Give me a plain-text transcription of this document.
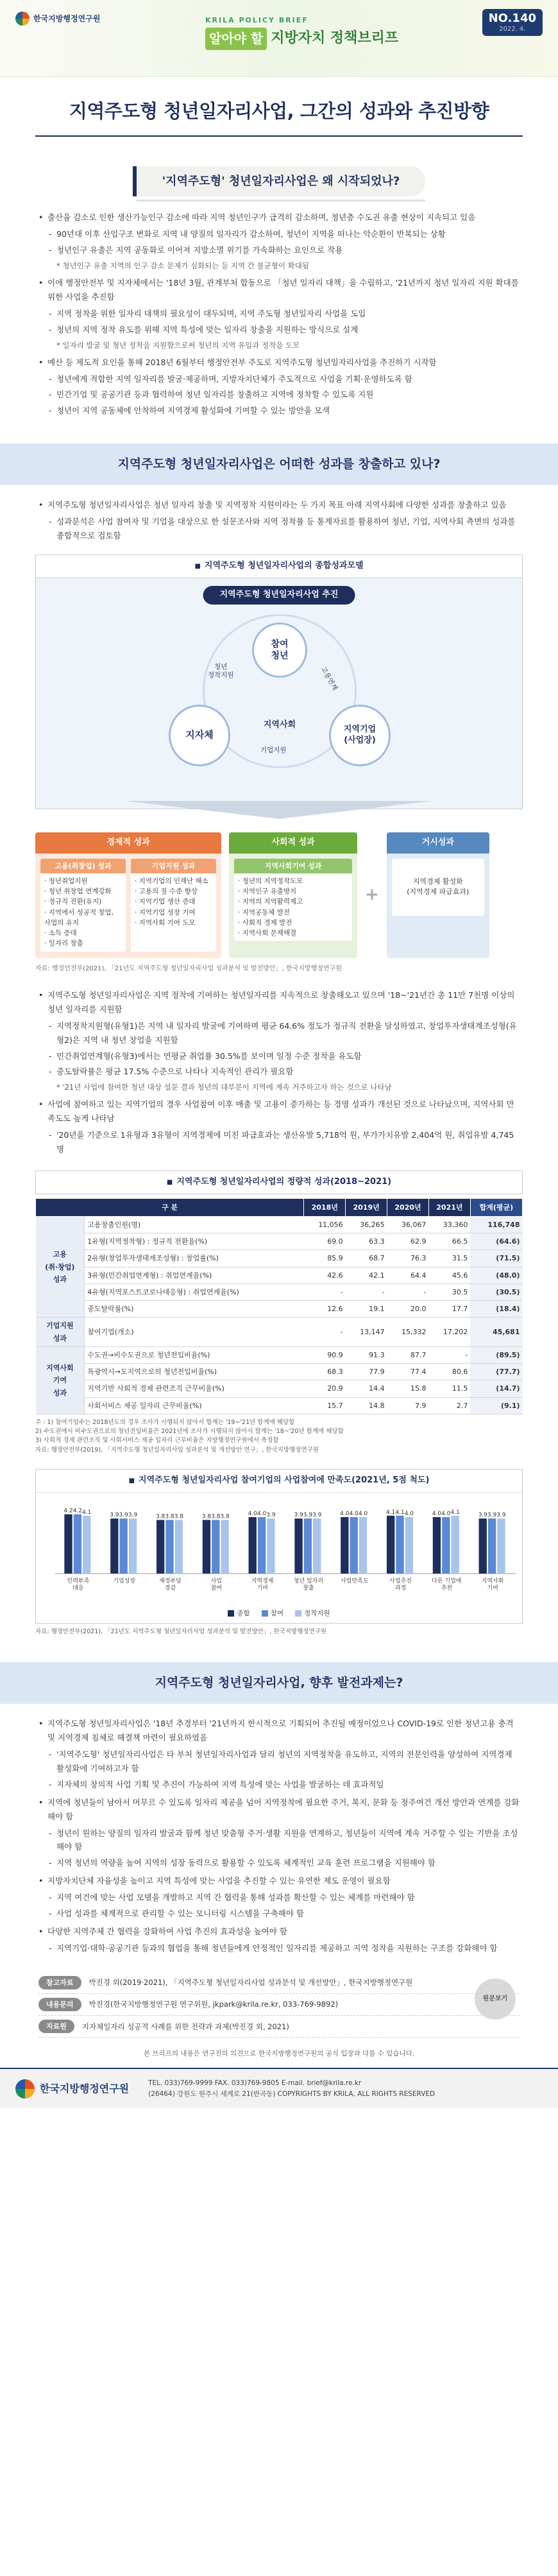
한국지방행정연구원	KRILA POLICY BRIEF
알아야 할 지방자치 정책브리프
NO.140
2022. 4.
지역주도형 청년일자리사업, 그간의 성과와 추진방향
'지역주도형' 청년일자리사업은 왜 시작되었나?
• 출산율 감소로 인한 생산가능인구 감소에 따라 지역 청년인구가 급격히 감소하며, 청년층 수도권 유출 현상이 지속되고 있음
- 90년대 이후 산업구조 변화로 지역 내 양질의 일자리가 감소하여, 청년이 지역을 떠나는 악순환이 반복되는 상황
- 청년인구 유출은 지역 공동화로 이어져 지방소멸 위기를 가속화하는 요인으로 작용
* 청년인구 유출 지역의 인구 감소 문제가 심화되는 등 지역 간 불균형이 확대됨
• 이에 행정안전부 및 지자체에서는 '18년 3월, 관계부처 합동으로 「청년 일자리 대책」을 수립하고, '21년까지 청년 일자리 지원 확대를 위한 사업을 추진함
- 지역 정착을 위한 일자리 대책의 필요성이 대두되며, 지역 주도형 청년일자리 사업을 도입
- 청년의 지역 정착 유도를 위해 지역 특성에 맞는 일자리 창출을 지원하는 방식으로 설계
* 일자리 발굴 및 청년 정착을 지원함으로써 청년의 지역 유입과 정착을 도모
• 예산 등 제도적 요인을 통해 2018년 6월부터 행정안전부 주도로 지역주도형 청년일자리사업을 추진하기 시작함
- 청년에게 적합한 지역 일자리를 발굴·제공하며, 지방자치단체가 주도적으로 사업을 기획·운영하도록 함
- 민간기업 및 공공기관 등과 협력하여 청년 일자리를 창출하고 지역에 정착할 수 있도록 지원
- 청년이 지역 공동체에 안착하여 지역경제 활성화에 기여할 수 있는 방안을 모색
지역주도형 청년일자리사업은 어떠한 성과를 창출하고 있나?
• 지역주도형 청년일자리사업은 청년 일자리 창출 및 지역정착 지원이라는 두 가지 목표 아래 지역사회에 다양한 성과를 창출하고 있음
- 성과분석은 사업 참여자 및 기업을 대상으로 한 설문조사와 지역 정착률 등 통계자료를 활용하여 청년, 기업, 지역사회 측면의 성과를 종합적으로 검토함
■ 지역주도형 청년일자리사업의 종합성과모델
지역주도형 청년일자리사업 추진
참여
청년
지자체	지역기업
(사업장)
지역사회
청년
정착지원	고용연계
기업지원
경제적 성과
고용(취창업) 성과
· 청년취업지원
· 청년 취창업 연계강화
· 정규직 전환(유지)
· 지역에서 성공적 창업, 사업의 유지
· 소득 증대
· 일자리 창출
기업지원 성과
· 지역기업의 인재난 해소
· 고용의 질 수준 향상
· 지역기업 생산 증대
· 지역기업 성장 기여
· 지역사회 기여 도모
사회적 성과
지역사회기여 성과
· 청년의 지역정착도모
· 지역인구 유출방지
· 지역의 지역활력제고
· 지역공동체 발전
· 사회적 경제 발전
· 지역사회 문제해결
+
거시성과
지역경제 활성화
(지역경제 파급효과)
자료: 행정안전부(2021), 「21년도 지역주도형 청년일자리사업 성과분석 및 발전방안」, 한국지방행정연구원
• 지역주도형 청년일자리사업은 지역 정착에 기여하는 청년일자리를 지속적으로 창출해오고 있으며 '18~'21년간 총 11만 7천명 이상의 청년 일자리를 지원함
- 지역정착지원형(유형1)은 지역 내 일자리 발굴에 기여하며 평균 64.6% 정도가 정규직 전환을 달성하였고, 창업투자생태계조성형(유형2)은 지역 내 청년 창업을 지원함
- 민간취업연계형(유형3)에서는 연평균 취업률 30.5%를 보이며 일정 수준 정착을 유도함
- 중도탈락률은 평균 17.5% 수준으로 나타나 지속적인 관리가 필요함
* '21년 사업에 참여한 청년 대상 설문 결과 청년의 대부분이 지역에 계속 거주하고자 하는 것으로 나타남
• 사업에 참여하고 있는 지역기업의 경우 사업참여 이후 매출 및 고용이 증가하는 등 경영 성과가 개선된 것으로 나타났으며, 지역사회 만족도도 높게 나타남
- '20년을 기준으로 1유형과 3유형이 지역경제에 미친 파급효과는 생산유발 5,718억 원, 부가가치유발 2,404억 원, 취업유발 4,745명
■ 지역주도형 청년일자리사업의 정량적 성과(2018~2021)
구 분		2018년	2019년	2020년	2021년	합계(평균)
고용
(취·창업)
성과	고용창출인원(명)	11,056	36,265	36,067	33,360	116,748
	1유형(지역정착형) : 정규직 전환율(%)	69.0	63.3	62.9	66.5	(64.6)
	2유형(창업투자생태계조성형) : 창업률(%)	85.9	68.7	76.3	31.5	(71.5)
	3유형(민간취업연계형) : 취업연계율(%)	42.6	42.1	64.4	45.6	(48.0)
	4유형(지역포스트코로나대응형) : 취업연계율(%)	-	-	-	30.5	(30.5)
	중도탈락률(%)	12.6	19.1	20.0	17.7	(18.4)
기업지원
성과	참여기업(개소)	-	13,147	15,332	17,202	45,681
지역사회
기여
성과	수도권→비수도권으로 청년전입비율(%)	90.9	91.3	87.7	-	(89.5)
	특광역시→도지역으로의 청년전입비율(%)	68.3	77.9	77.4	80.6	(77.7)
	지역기반 사회적 경제 관련조직 근무비율(%)	20.9	14.4	15.8	11.5	(14.7)
	사회서비스 제공 일자리 근무비율(%)	15.7	14.8	7.9	2.7	(9.1)
주 : 1) 참여기업수는 2018년도의 경우 조사가 시행되지 않아서 합계는 '19~'21년 합계에 해당함
2) 수도권에서 비수도권으로의 청년전입비율은 2021년에 조사가 시행되지 않아서 합계는 '18~'20년 합계에 해당함
3) 사회적 경제 관련조직 및 사회서비스 제공 일자리 근무비율은 지방행정연구원에서 측정함
자료: 행정안전부(2019), 「지역주도형 청년일자리사업 성과분석 및 개선방안 연구」, 한국지방행정연구원
■ 지역주도형 청년일자리사업 참여기업의 사업참여에 만족도(2021년, 5점 척도)
4.2 4.2 4.1
인력부족
대응
3.9 3.9 3.9
기업성장
3.8 3.8 3.8
재정부담
경감
3.8 3.8 3.8
사업
참여
4.0 4.0 3.9
지역경제
기여
3.9 3.9 3.9
청년 일자리
창출
4.0 4.0 4.0
사업만족도
4.1 4.1 4.0
사업추진
과정
4.0 4.0 4.1
다른 기업에
추천
3.9 3.9 3.9
지역사회
기여
종합	참여	정착지원
자료: 행정안전부(2021), 「21년도 지역주도형 청년일자리사업 성과분석 및 발전방안」, 한국지방행정연구원
지역주도형 청년일자리사업, 향후 발전과제는?
• 지역주도형 청년일자리사업은 '18년 추경부터 '21년까지 한시적으로 기획되어 추진될 예정이었으나 COVID-19로 인한 청년고용 충격 및 지역경제 침체로 해결책 마련이 필요하였음
- '지역주도형' 청년일자리사업은 타 부처 청년일자리사업과 달리 청년의 지역정착을 유도하고, 지역의 전문인력을 양성하여 지역경제 활성화에 기여하고자 함
- 지자체의 창의적 사업 기획 및 추진이 가능하여 지역 특성에 맞는 사업을 발굴하는 데 효과적임
• 지역에 청년들이 남아서 머무르 수 있도록 일자리 제공을 넘어 지역정착에 필요한 주거, 복지, 문화 등 정주여건 개선 방안과 연계를 강화해야 함
- 청년이 원하는 양질의 일자리 발굴과 함께 청년 맞춤형 주거·생활 지원을 연계하고, 청년들이 지역에 계속 거주할 수 있는 기반을 조성해야 함
- 지역 청년의 역량을 높여 지역의 성장 동력으로 활용할 수 있도록 체계적인 교육 훈련 프로그램을 지원해야 함
• 지방자치단체 자율성을 높이고 지역 특성에 맞는 사업을 추진할 수 있는 유연한 제도 운영이 필요함
- 지역 여건에 맞는 사업 모델을 개발하고 지역 간 협력을 통해 성과를 확산할 수 있는 체계를 마련해야 함
- 사업 성과를 체계적으로 관리할 수 있는 모니터링 시스템을 구축해야 함
• 다양한 지역주체 간 협력을 강화하여 사업 추진의 효과성을 높여야 함
- 지역기업·대학·공공기관 등과의 협업을 통해 청년들에게 안정적인 일자리를 제공하고 지역 정착을 지원하는 구조를 강화해야 함
참고자료	박진경 외(2019·2021), 「지역주도형 청년일자리사업 성과분석 및 개선방안」, 한국지방행정연구원
내용문의	박진경(한국지방행정연구원 연구위원, jkpark@krila.re.kr, 033-769-9892)
자료원	지자체일자리 성공적 사례를 위한 전략과 과제(박진경 외, 2021)
원문보기
본 브리프의 내용은 연구진의 의견으로 한국지방행정연구원의 공식 입장과 다를 수 있습니다.
한국지방행정연구원	TEL. 033)769-9999 FAX. 033)769-9805 E-mail. brief@krila.re.kr
(26464) 강원도 원주시 세계로 21(반곡동) COPYRIGHTS BY KRILA, ALL RIGHTS RESERVED
